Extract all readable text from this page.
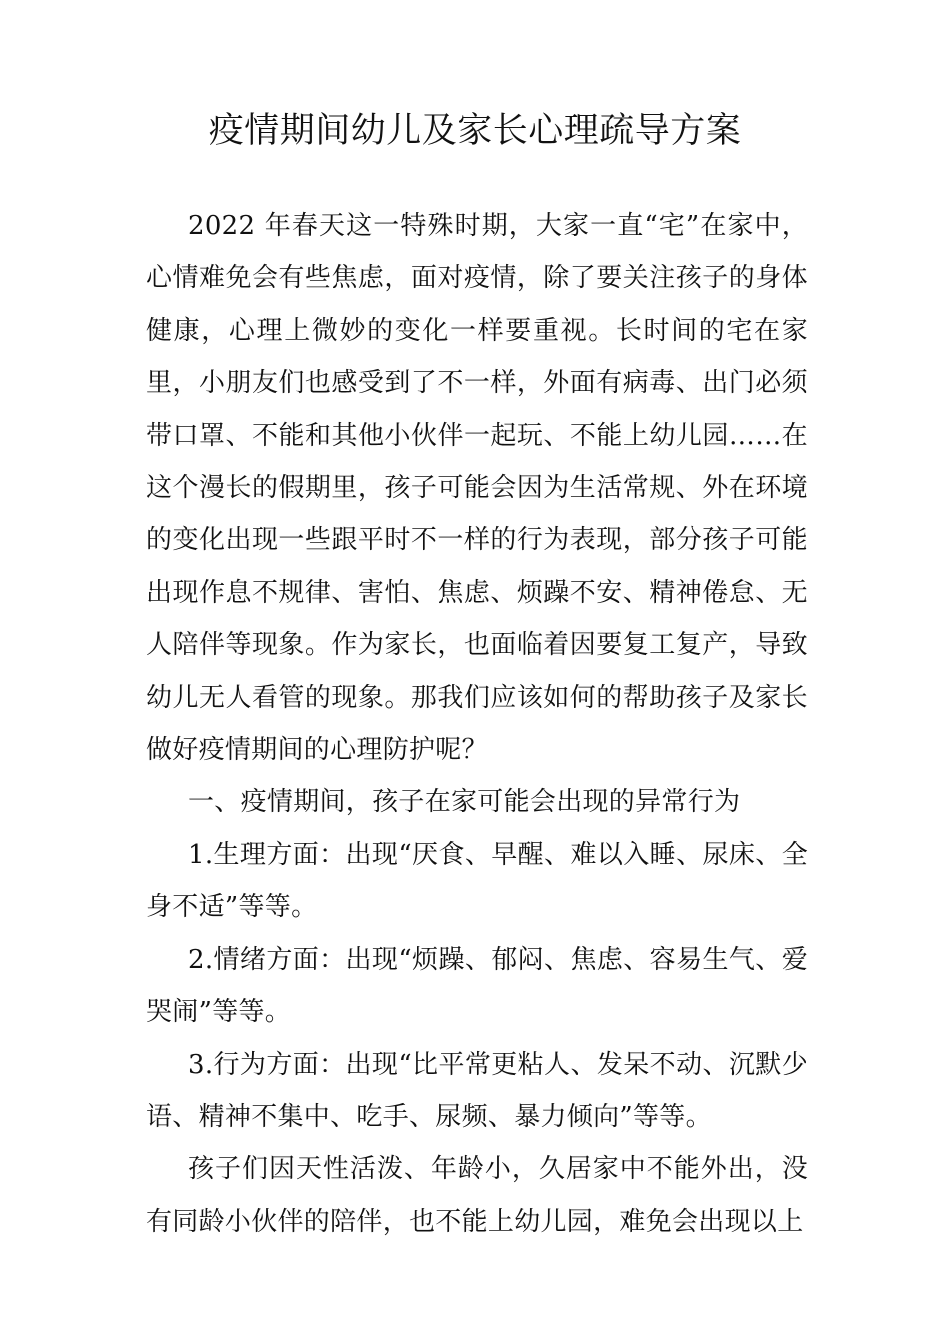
疫情期间幼儿及家长心理疏导方案

2022 年春天这一特殊时期，大家一直“宅”在家中，心情难免会有些焦虑，面对疫情，除了要关注孩子的身体健康，心理上微妙的变化一样要重视。长时间的宅在家里，小朋友们也感受到了不一样，外面有病毒、出门必须带口罩、不能和其他小伙伴一起玩、不能上幼儿园……在这个漫长的假期里，孩子可能会因为生活常规、外在环境的变化出现一些跟平时不一样的行为表现，部分孩子可能出现作息不规律、害怕、焦虑、烦躁不安、精神倦怠、无人陪伴等现象。作为家长，也面临着因要复工复产，导致幼儿无人看管的现象。那我们应该如何的帮助孩子及家长做好疫情期间的心理防护呢？

一、疫情期间，孩子在家可能会出现的异常行为

1.生理方面：出现“厌食、早醒、难以入睡、尿床、全身不适”等等。

2.情绪方面：出现“烦躁、郁闷、焦虑、容易生气、爱哭闹”等等。

3.行为方面：出现“比平常更粘人、发呆不动、沉默少语、精神不集中、吃手、尿频、暴力倾向”等等。

孩子们因天性活泼、年龄小，久居家中不能外出，没有同龄小伙伴的陪伴，也不能上幼儿园，难免会出现以上
